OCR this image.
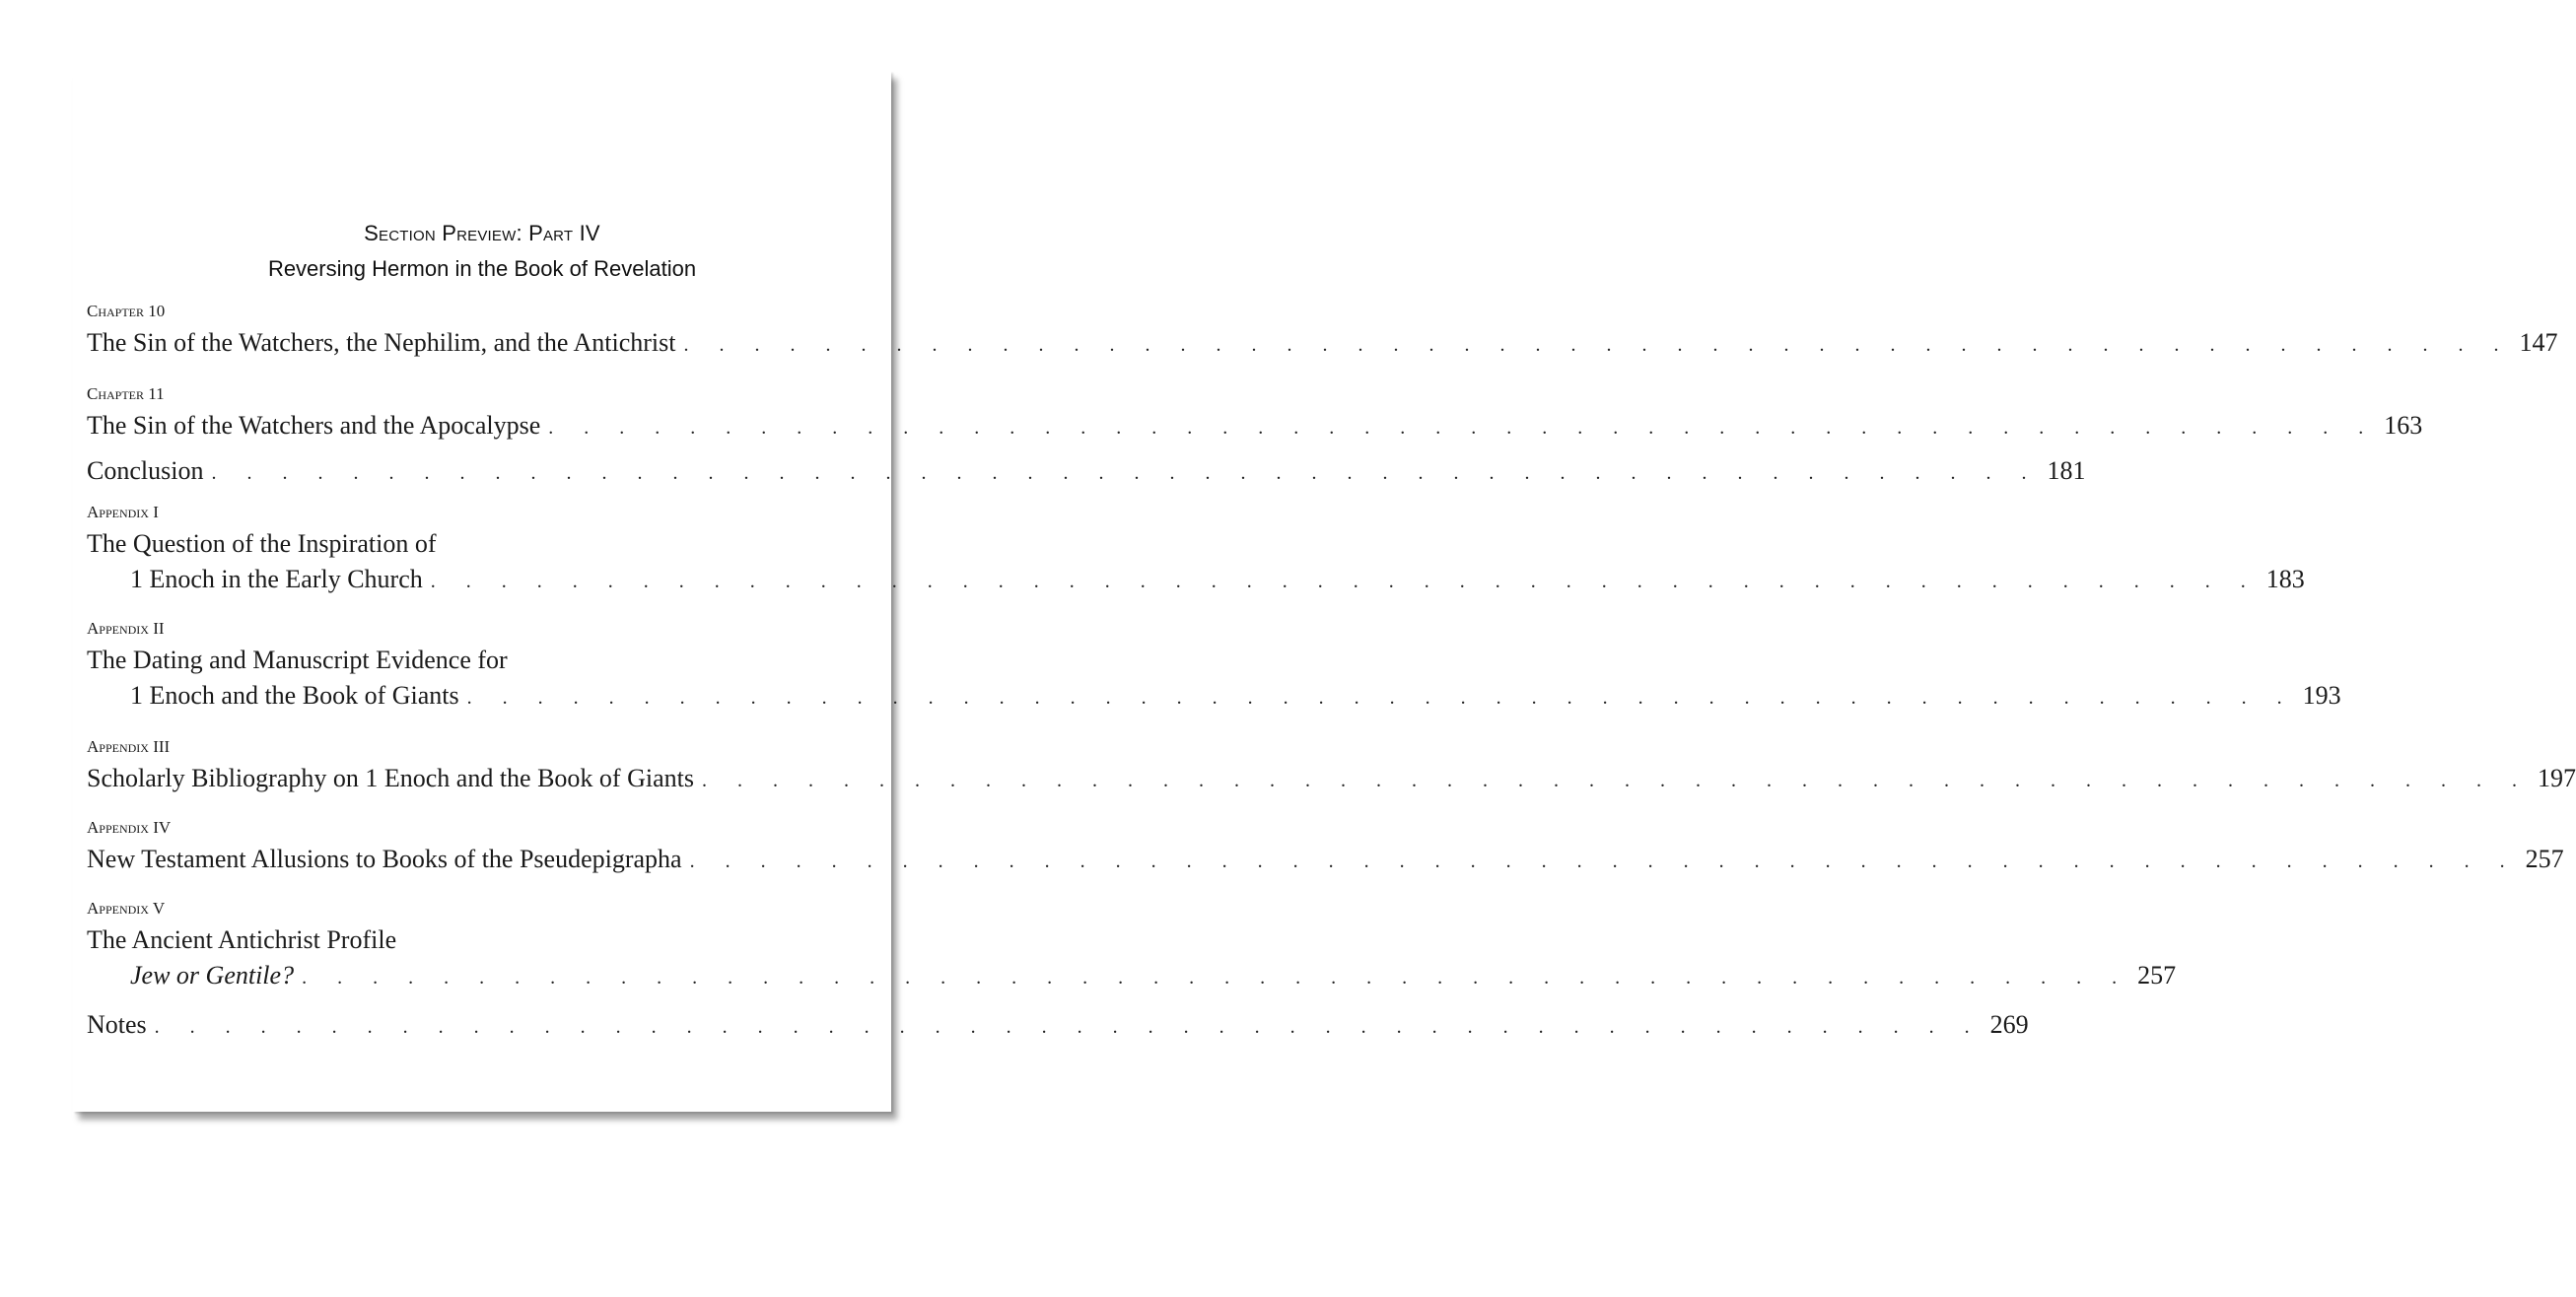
Section Preview: Part IV
Reversing Hermon in the Book of Revelation
Chapter 10
The Sin of the Watchers, the Nephilim, and the Antichrist . . . . . . . . . . . . . . . . . . . . . . . . . . . . . . . . . . . . . . . . . . . . . . . . . . . . 147
Chapter 11
The Sin of the Watchers and the Apocalypse . . . . . . . . . . . . . . . . . . . . . . . . . . . . . . . . . . . . . . . . . . . . . . . . . . . . 163
Conclusion . . . . . . . . . . . . . . . . . . . . . . . . . . . . . . . . . . . . . . . . . . . . . . . . . . . . 181
Appendix I
The Question of the Inspiration of
1 Enoch in the Early Church . . . . . . . . . . . . . . . . . . . . . . . . . . . . . . . . . . . . . . . . . . . . . . . . . . . . 183
Appendix II
The Dating and Manuscript Evidence for
1 Enoch and the Book of Giants . . . . . . . . . . . . . . . . . . . . . . . . . . . . . . . . . . . . . . . . . . . . . . . . . . . . 193
Appendix III
Scholarly Bibliography on 1 Enoch and the Book of Giants . . . . . . . . . . . . . . . . . . . . . . . . . . . . . . . . . . . . . . . . . . . . . . . . . . . . 197
Appendix IV
New Testament Allusions to Books of the Pseudepigrapha . . . . . . . . . . . . . . . . . . . . . . . . . . . . . . . . . . . . . . . . . . . . . . . . . . . . 257
Appendix V
The Ancient Antichrist Profile
Jew or Gentile? . . . . . . . . . . . . . . . . . . . . . . . . . . . . . . . . . . . . . . . . . . . . . . . . . . . . 257
Notes . . . . . . . . . . . . . . . . . . . . . . . . . . . . . . . . . . . . . . . . . . . . . . . . . . . . 269
